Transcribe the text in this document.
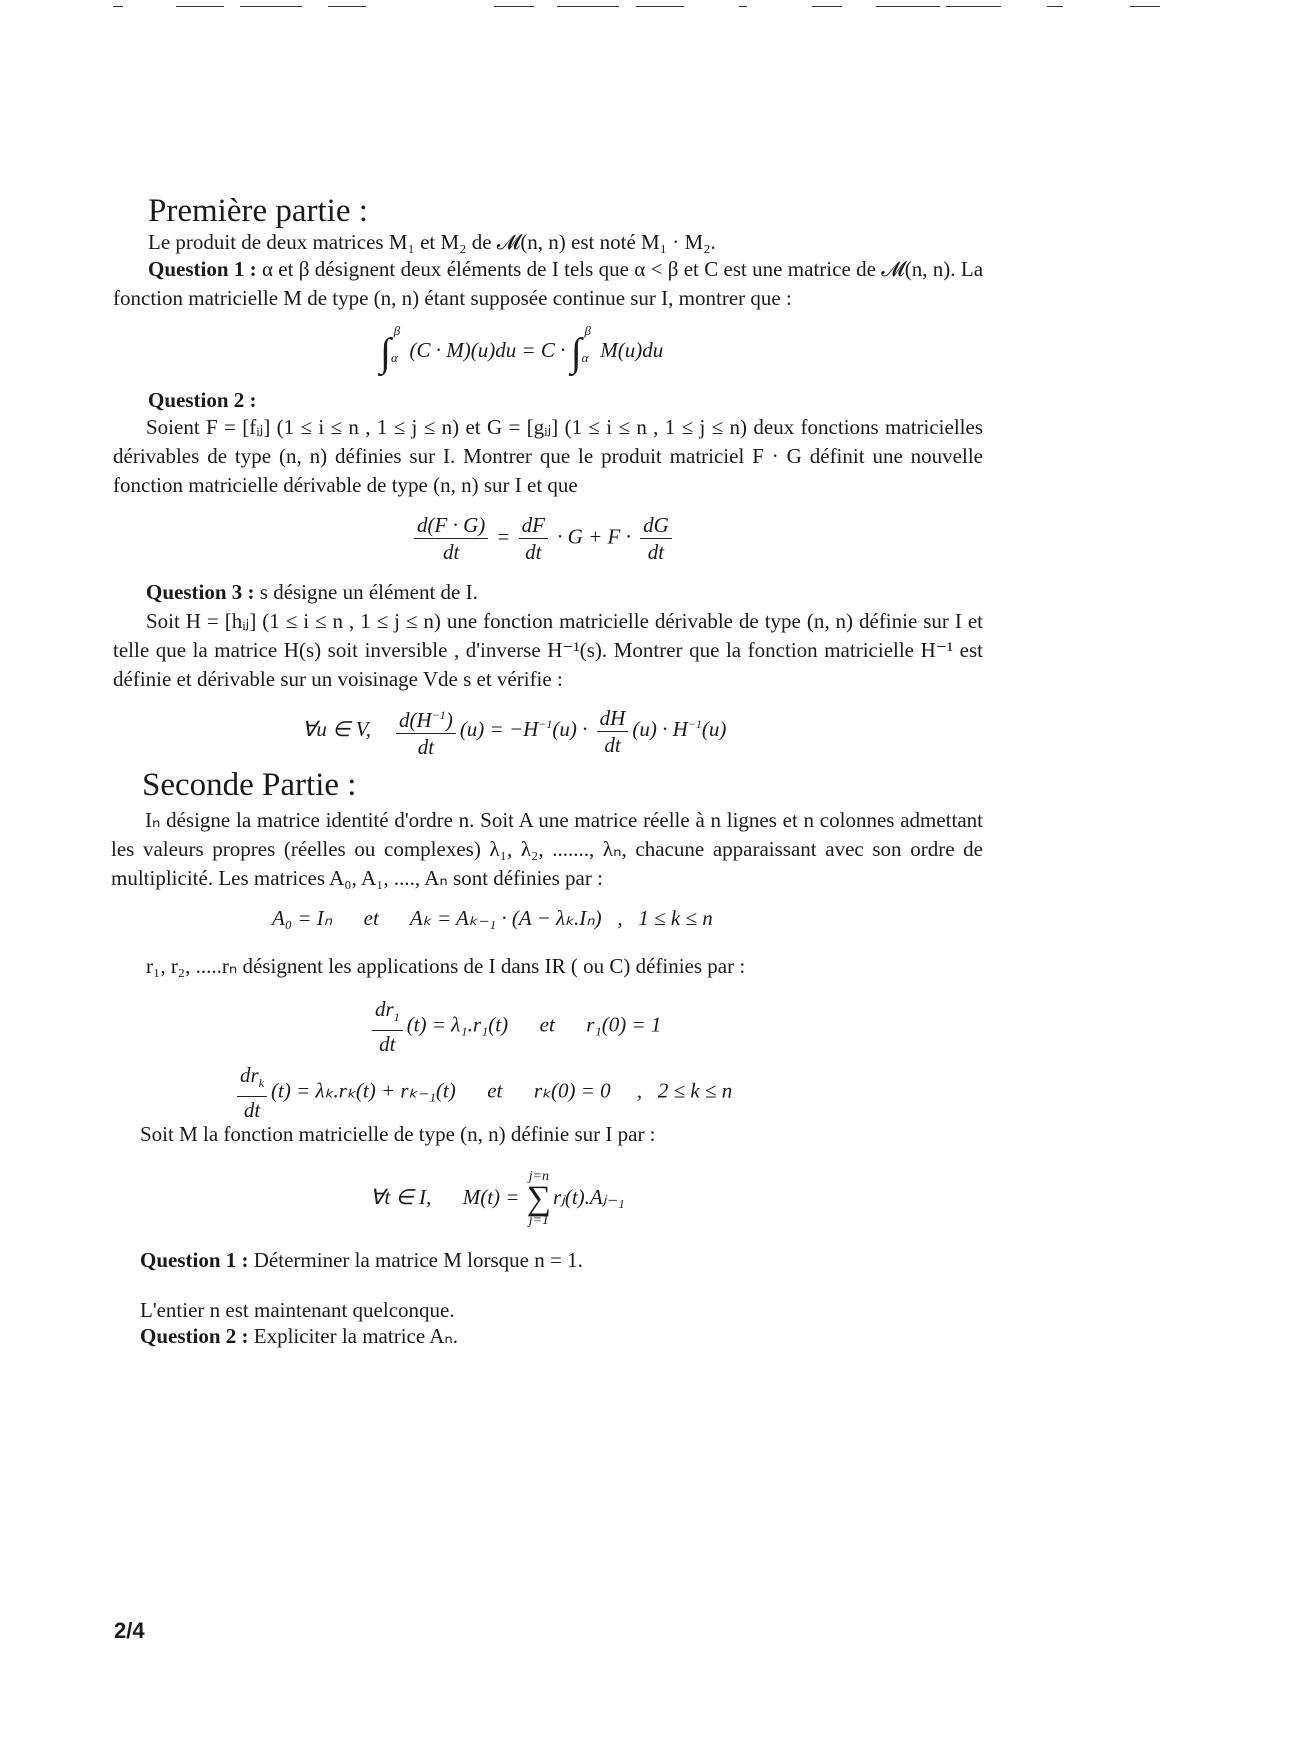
Première partie :
Le produit de deux matrices M₁ et M₂ de 𝓜(n, n) est noté M₁ · M₂.
Question 1 : α et β désignent deux éléments de I tels que α < β et C est une matrice de 𝓜(n, n). La fonction matricielle M de type (n, n) étant supposée continue sur I, montrer que :
$\int_\alpha^\beta$ $(C \cdot M)(u)du = C \cdot \int_\alpha^\beta$ M(u)du
Question 2 :
Soient F = [fᵢⱼ] (1 ≤ i ≤ n , 1 ≤ j ≤ n) et G = [gᵢⱼ] (1 ≤ i ≤ n , 1 ≤ j ≤ n) deux fonctions matricielles dérivables de type (n, n) définies sur I. Montrer que le produit matriciel F · G définit une nouvelle fonction matricielle dérivable de type (n, n) sur I et que
$\frac{d(F \cdot G)}{dt} = \frac{dF}{dt} \cdot G + F \cdot \frac{dG}{dt}$
Question 3 : s désigne un élément de I.
Soit H = [hᵢⱼ] (1 ≤ i ≤ n , 1 ≤ j ≤ n) une fonction matricielle dérivable de type (n, n) définie sur I et telle que la matrice H(s) soit inversible , d'inverse H⁻¹(s). Montrer que la fonction matricielle H⁻¹ est définie et dérivable sur un voisinage Vde s et vérifie :
∀u ∈ V, $\frac{d(H^{-1})}{dt} (u) = -H^{-1}(u) \cdot \frac{dH}{dt} (u) \cdot H^{-1}(u)$
Seconde Partie :
Iₙ désigne la matrice identité d'ordre n. Soit A une matrice réelle à n lignes et n colonnes admettant les valeurs propres (réelles ou complexes) λ₁, λ₂, ......., λₙ, chacune apparaissant avec son ordre de multiplicité. Les matrices A₀, A₁, ...., Aₙ sont définies par :
A₀ = Iₙ      et      Aₖ = Aₖ₋₁ · (A − λₖ.Iₙ)   ,   1 ≤ k ≤ n
r₁, r₂, .....rₙ désignent les applications de I dans IR ( ou C) définies par :
$\frac{dr_1}{dt} (t) = \lambda_1.r_1(t)$      et      r₁(0) = 1
$\frac{dr_k}{dt} (t) = \lambda_k.r_k(t) + r_{k-1}(t)$      et      rₖ(0) = 0     ,   2 ≤ k ≤ n
Soit M la fonction matricielle de type (n, n) définie sur I par :
∀t ∈ I,      M(t) =
j=n
∑
j=1
rⱼ(t).Aⱼ₋₁
Question 1 : Déterminer la matrice M lorsque n = 1.
L'entier n est maintenant quelconque.
Question 2 : Expliciter la matrice Aₙ.
2/4
